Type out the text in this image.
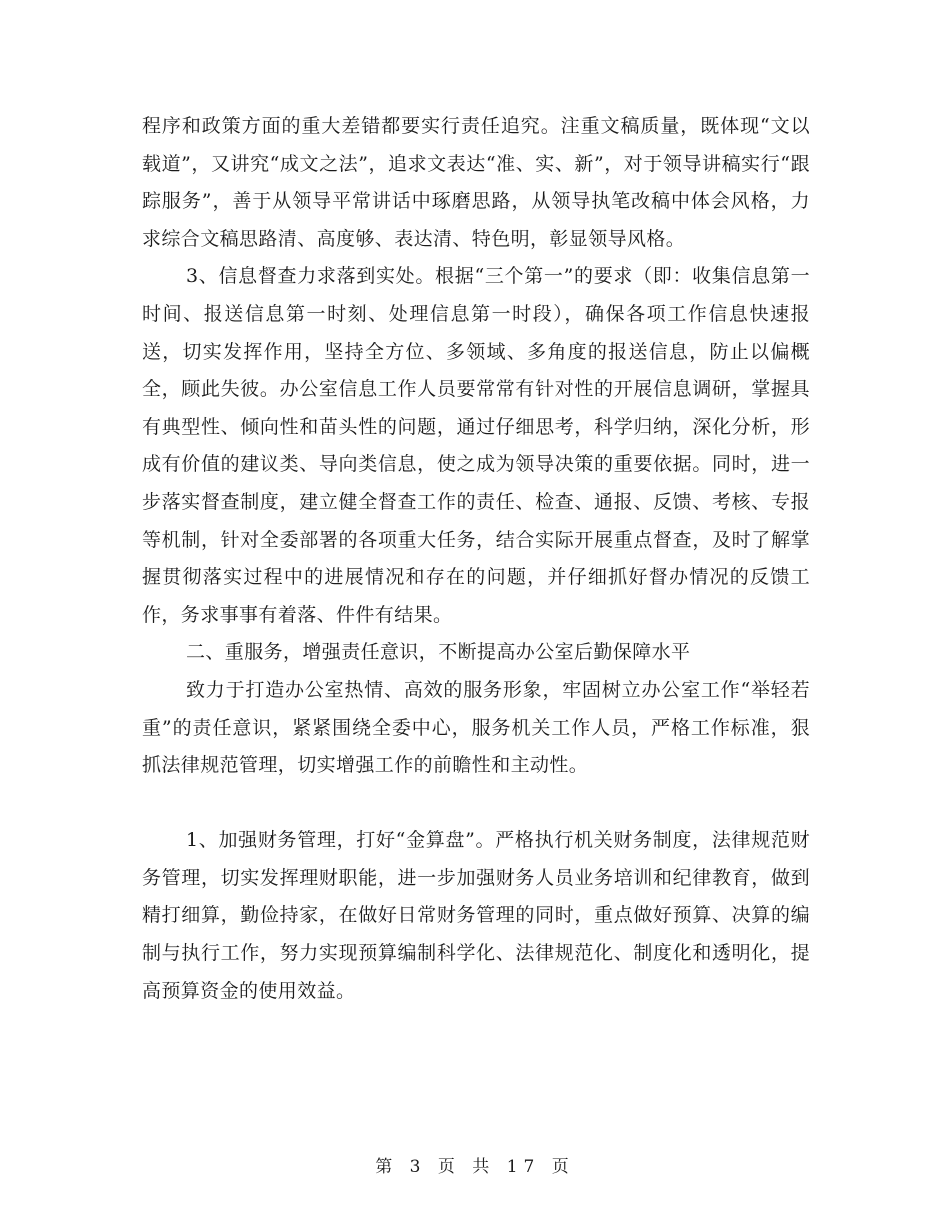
程序和政策方面的重大差错都要实行责任追究。注重文稿质量，既体现“文以载道”，又讲究“成文之法”，追求文表达“准、实、新”，对于领导讲稿实行“跟踪服务”，善于从领导平常讲话中琢磨思路，从领导执笔改稿中体会风格，力求综合文稿思路清、高度够、表达清、特色明，彰显领导风格。

3、信息督查力求落到实处。根据“三个第一”的要求（即：收集信息第一时间、报送信息第一时刻、处理信息第一时段），确保各项工作信息快速报送，切实发挥作用，坚持全方位、多领域、多角度的报送信息，防止以偏概全，顾此失彼。办公室信息工作人员要常常有针对性的开展信息调研，掌握具有典型性、倾向性和苗头性的问题，通过仔细思考，科学归纳，深化分析，形成有价值的建议类、导向类信息，使之成为领导决策的重要依据。同时，进一步落实督查制度，建立健全督查工作的责任、检查、通报、反馈、考核、专报等机制，针对全委部署的各项重大任务，结合实际开展重点督查，及时了解掌握贯彻落实过程中的进展情况和存在的问题，并仔细抓好督办情况的反馈工作，务求事事有着落、件件有结果。

二、重服务，增强责任意识，不断提高办公室后勤保障水平

致力于打造办公室热情、高效的服务形象，牢固树立办公室工作“举轻若重”的责任意识，紧紧围绕全委中心，服务机关工作人员，严格工作标准，狠抓法律规范管理，切实增强工作的前瞻性和主动性。

1、加强财务管理，打好“金算盘”。严格执行机关财务制度，法律规范财务管理，切实发挥理财职能，进一步加强财务人员业务培训和纪律教育，做到精打细算，勤俭持家，在做好日常财务管理的同时，重点做好预算、决算的编制与执行工作，努力实现预算编制科学化、法律规范化、制度化和透明化，提高预算资金的使用效益。

第 3 页 共 17 页
